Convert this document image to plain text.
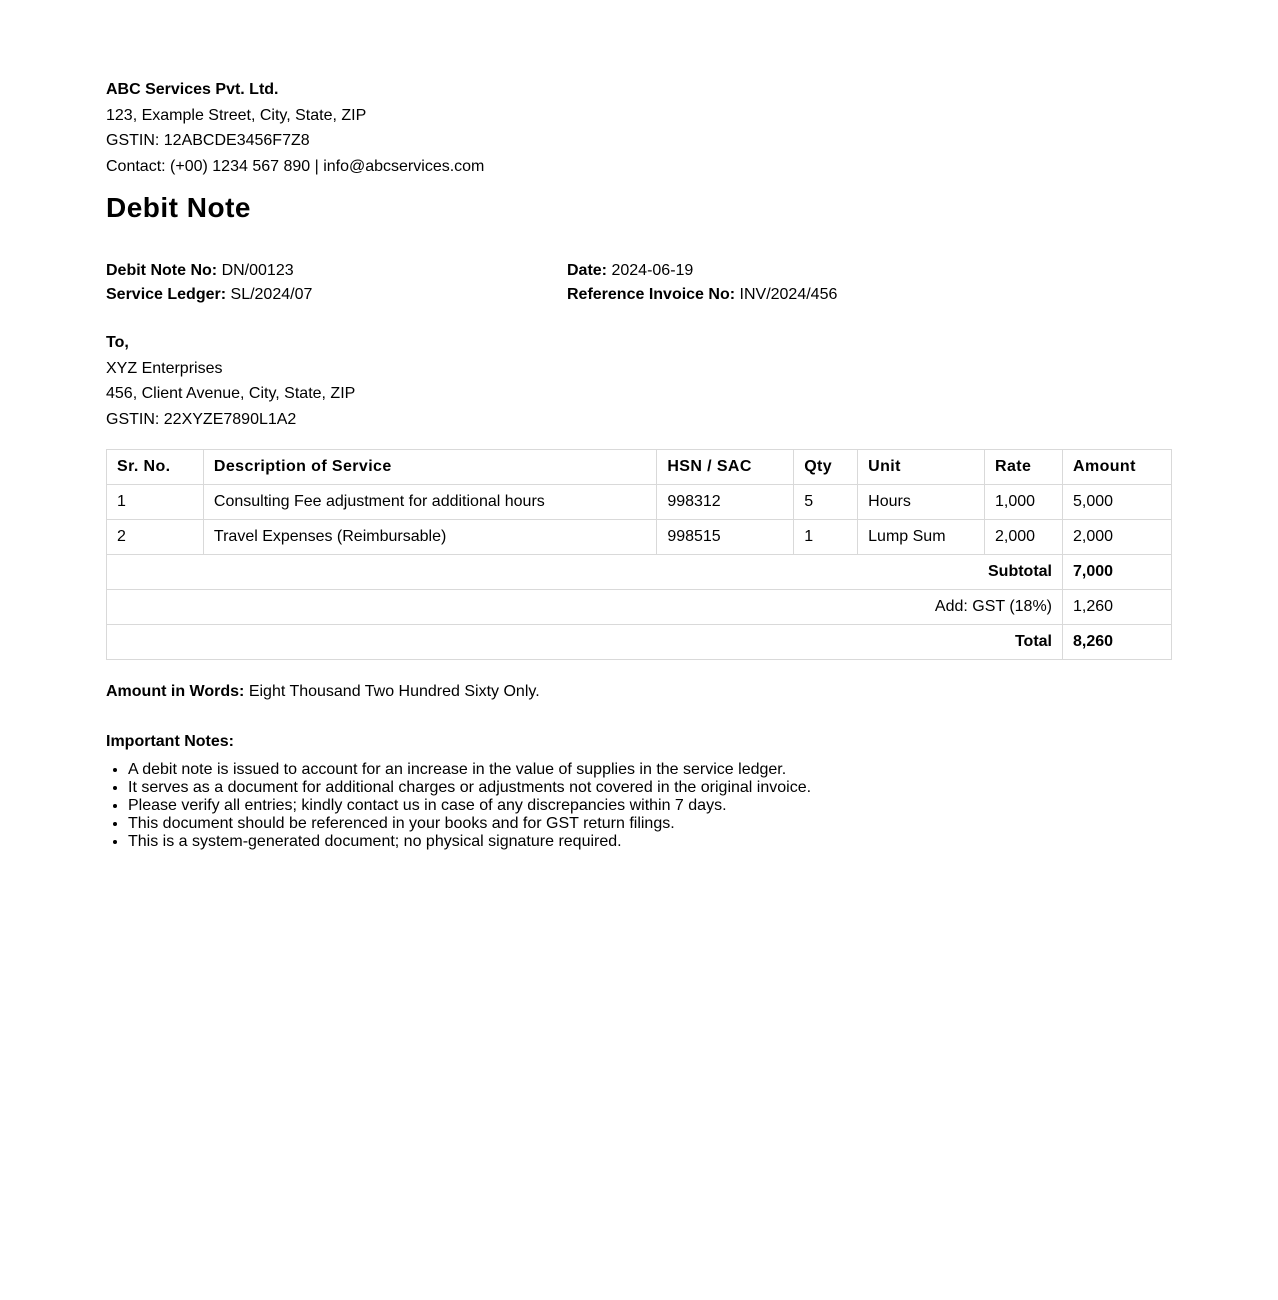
ABC Services Pvt. Ltd.
123, Example Street, City, State, ZIP
GSTIN: 12ABCDE3456F7Z8
Contact: (+00) 1234 567 890 | info@abcservices.com
Debit Note
Debit Note No: DN/00123
Service Ledger: SL/2024/07
Date: 2024-06-19
Reference Invoice No: INV/2024/456
To,
XYZ Enterprises
456, Client Avenue, City, State, ZIP
GSTIN: 22XYZE7890L1A2
Sr. No.	Description of Service	HSN / SAC	Qty	Unit	Rate	Amount
1	Consulting Fee adjustment for additional hours	998312	5	Hours	1,000	5,000
2	Travel Expenses (Reimbursable)	998515	1	Lump Sum	2,000	2,000
Subtotal						7,000
Add: GST (18%)						1,260
Total						8,260
Amount in Words: Eight Thousand Two Hundred Sixty Only.
Important Notes:
• A debit note is issued to account for an increase in the value of supplies in the service ledger.
• It serves as a document for additional charges or adjustments not covered in the original invoice.
• Please verify all entries; kindly contact us in case of any discrepancies within 7 days.
• This document should be referenced in your books and for GST return filings.
• This is a system-generated document; no physical signature required.
